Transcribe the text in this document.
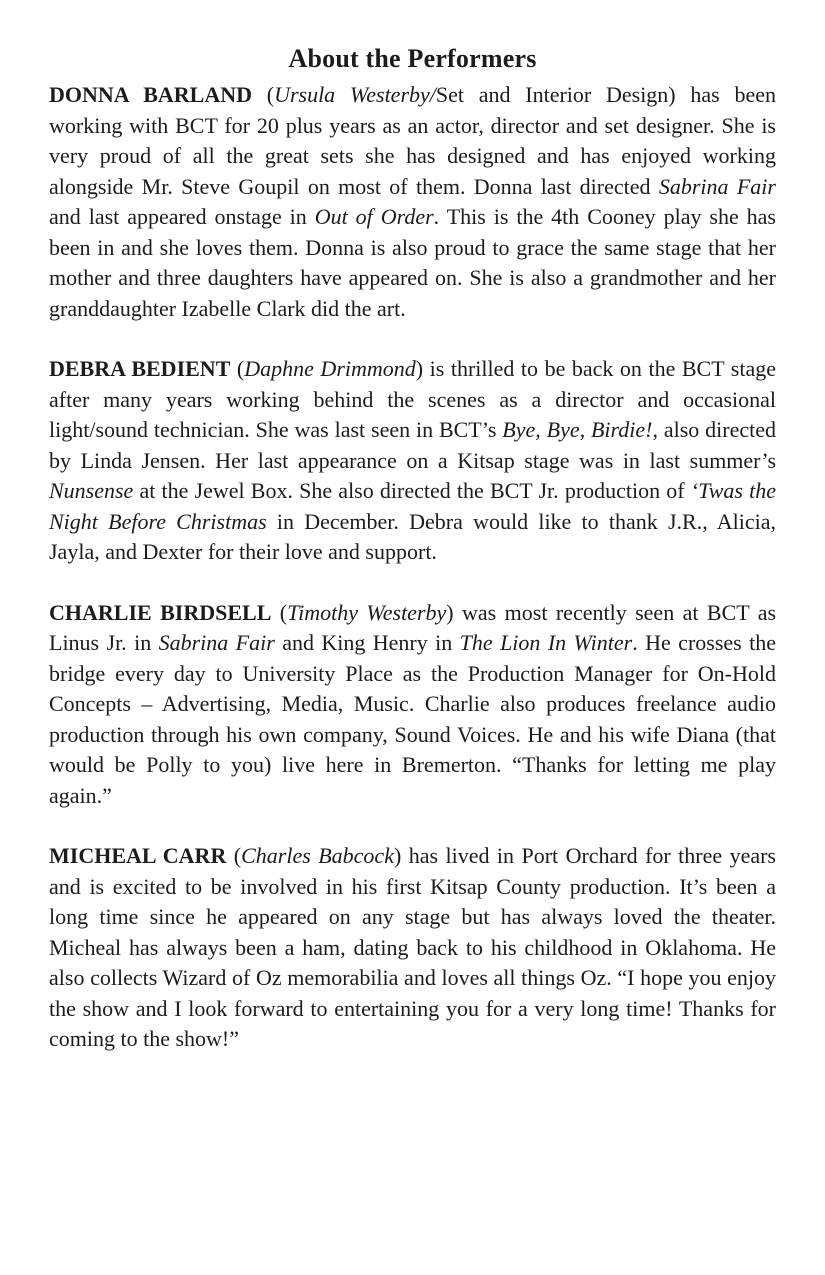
About the Performers

DONNA BARLAND (Ursula Westerby/Set and Interior Design) has been working with BCT for 20 plus years as an actor, director and set designer. She is very proud of all the great sets she has designed and has enjoyed working alongside Mr. Steve Goupil on most of them. Donna last directed Sabrina Fair and last appeared onstage in Out of Order. This is the 4th Cooney play she has been in and she loves them. Donna is also proud to grace the same stage that her mother and three daughters have appeared on. She is also a grandmother and her granddaughter Izabelle Clark did the art.

DEBRA BEDIENT (Daphne Drimmond) is thrilled to be back on the BCT stage after many years working behind the scenes as a director and occasional light/sound technician. She was last seen in BCT’s Bye, Bye, Birdie!, also directed by Linda Jensen. Her last appearance on a Kitsap stage was in last summer’s Nunsense at the Jewel Box. She also directed the BCT Jr. production of ‘Twas the Night Before Christmas in December. Debra would like to thank J.R., Alicia, Jayla, and Dexter for their love and support.

CHARLIE BIRDSELL (Timothy Westerby) was most recently seen at BCT as Linus Jr. in Sabrina Fair and King Henry in The Lion In Winter. He crosses the bridge every day to University Place as the Production Manager for On-Hold Concepts – Advertising, Media, Music. Charlie also produces freelance audio production through his own company, Sound Voices. He and his wife Diana (that would be Polly to you) live here in Bremerton. “Thanks for letting me play again.”

MICHEAL CARR (Charles Babcock) has lived in Port Orchard for three years and is excited to be involved in his first Kitsap County production. It’s been a long time since he appeared on any stage but has always loved the theater. Micheal has always been a ham, dating back to his childhood in Oklahoma. He also collects Wizard of Oz memorabilia and loves all things Oz. “I hope you enjoy the show and I look forward to entertaining you for a very long time! Thanks for coming to the show!”
